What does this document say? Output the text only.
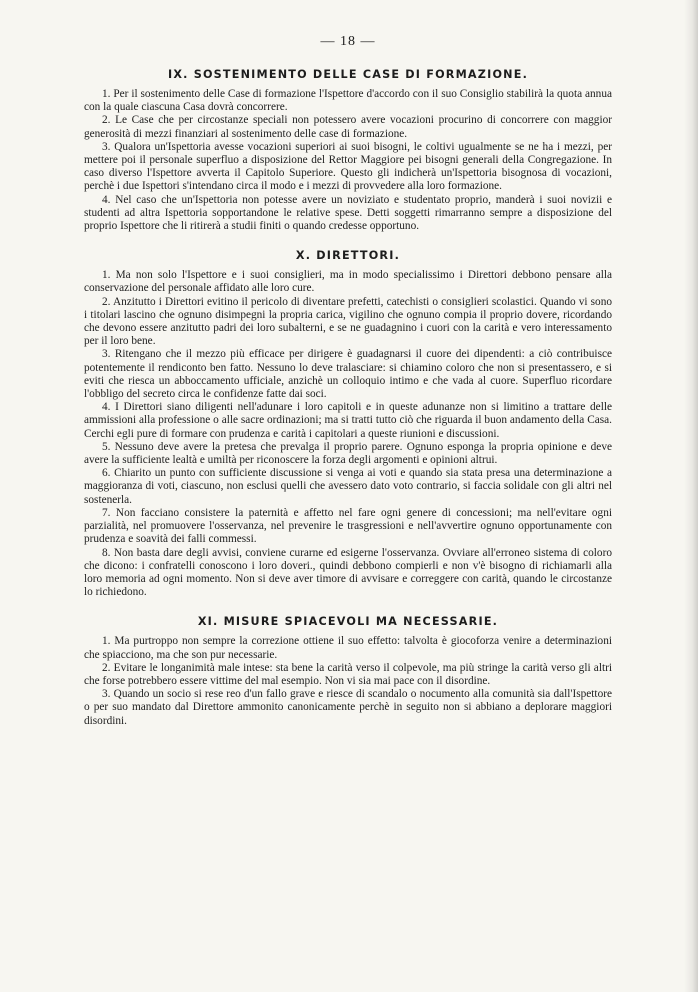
— 18 —
IX. SOSTENIMENTO DELLE CASE DI FORMAZIONE.

1. Per il sostenimento delle Case di formazione l'Ispettore d'accordo con il suo Consiglio stabilirà la quota annua con la quale ciascuna Casa dovrà concorrere.

2. Le Case che per circostanze speciali non potessero avere vocazioni procurino di concorrere con maggior generosità di mezzi finanziari al sostenimento delle case di formazione.

3. Qualora un'Ispettoria avesse vocazioni superiori ai suoi bisogni, le coltivi ugualmente se ne ha i mezzi, per mettere poi il personale superfluo a disposizione del Rettor Maggiore pei bisogni generali della Congregazione. In caso diverso l'Ispettore avverta il Capitolo Superiore. Questo gli indicherà un'Ispettoria bisognosa di vocazioni, perchè i due Ispettori s'intendano circa il modo e i mezzi di provvedere alla loro formazione.

4. Nel caso che un'Ispettoria non potesse avere un noviziato e studentato proprio, manderà i suoi novizii e studenti ad altra Ispettoria sopportandone le relative spese. Detti soggetti rimarranno sempre a disposizione del proprio Ispettore che li ritirerà a studii finiti o quando credesse opportuno.

X. DIRETTORI.

1. Ma non solo l'Ispettore e i suoi consiglieri, ma in modo specialissimo i Direttori debbono pensare alla conservazione del personale affidato alle loro cure.

2. Anzitutto i Direttori evitino il pericolo di diventare prefetti, catechisti o consiglieri scolastici. Quando vi sono i titolari lascino che ognuno disimpegni la propria carica, vigilino che ognuno compia il proprio dovere, ricordando che devono essere anzitutto padri dei loro subalterni, e se ne guadagnino i cuori con la carità e vero interessamento per il loro bene.

3. Ritengano che il mezzo più efficace per dirigere è guadagnarsi il cuore dei dipendenti: a ciò contribuisce potentemente il rendiconto ben fatto. Nessuno lo deve tralasciare: si chiamino coloro che non si presentassero, e si eviti che riesca un abboccamento ufficiale, anzichè un colloquio intimo e che vada al cuore. Superfluo ricordare l'obbligo del secreto circa le confidenze fatte dai soci.

4. I Direttori siano diligenti nell'adunare i loro capitoli e in queste adunanze non si limitino a trattare delle ammissioni alla professione o alle sacre ordinazioni; ma si tratti tutto ciò che riguarda il buon andamento della Casa. Cerchi egli pure di formare con prudenza e carità i capitolari a queste riunioni e discussioni.

5. Nessuno deve avere la pretesa che prevalga il proprio parere. Ognuno esponga la propria opinione e deve avere la sufficiente lealtà e umiltà per riconoscere la forza degli argomenti e opinioni altrui.

6. Chiarito un punto con sufficiente discussione si venga ai voti e quando sia stata presa una determinazione a maggioranza di voti, ciascuno, non esclusi quelli che avessero dato voto contrario, si faccia solidale con gli altri nel sostenerla.

7. Non facciano consistere la paternità e affetto nel fare ogni genere di concessioni; ma nell'evitare ogni parzialità, nel promuovere l'osservanza, nel prevenire le trasgressioni e nell'avvertire ognuno opportunamente con prudenza e soavità dei falli commessi.

8. Non basta dare degli avvisi, conviene curarne ed esigerne l'osservanza. Ovviare all'erroneo sistema di coloro che dicono: i confratelli conoscono i loro doveri., quindi debbono compierli e non v'è bisogno di richiamarli alla loro memoria ad ogni momento. Non si deve aver timore di avvisare e correggere con carità, quando le circostanze lo richiedono.

XI. MISURE SPIACEVOLI MA NECESSARIE.

1. Ma purtroppo non sempre la correzione ottiene il suo effetto: talvolta è giocoforza venire a determinazioni che spiacciono, ma che son pur necessarie.

2. Evitare le longanimità male intese: sta bene la carità verso il colpevole, ma più stringe la carità verso gli altri che forse potrebbero essere vittime del mal esempio. Non vi sia mai pace con il disordine.

3. Quando un socio si rese reo d'un fallo grave e riesce di scandalo o nocumento alla comunità sia dall'Ispettore o per suo mandato dal Direttore ammonito canonicamente perchè in seguito non si abbiano a deplorare maggiori disordini.
